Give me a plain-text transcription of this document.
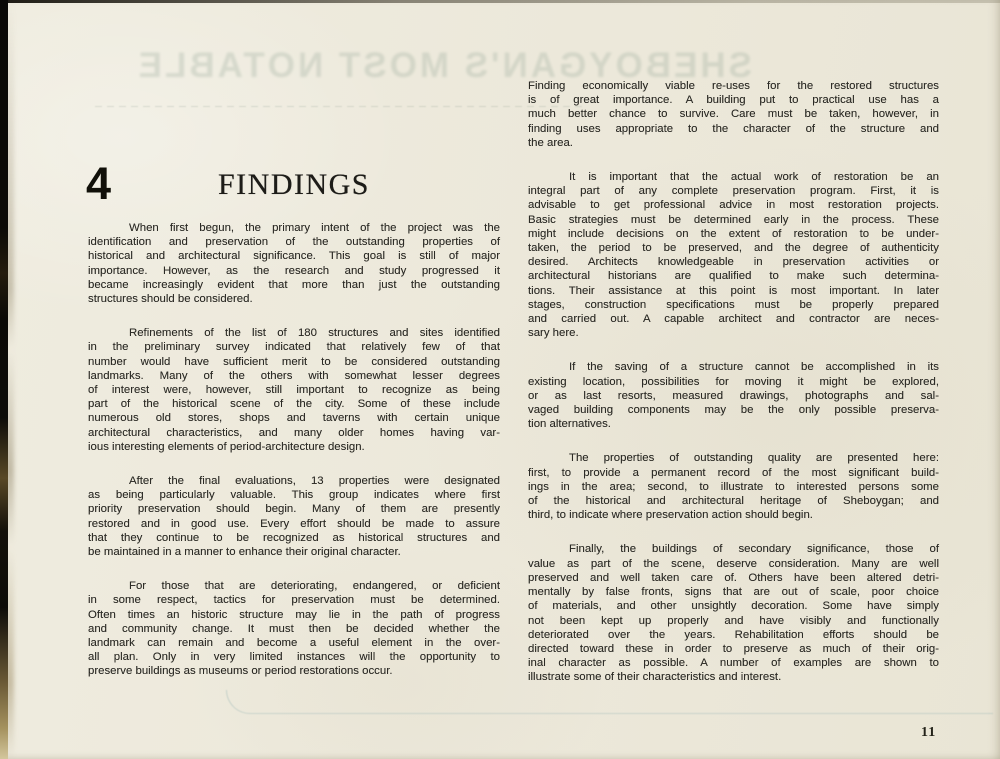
SHEBOYGAN'S MOST NOTABLE
4	FINDINGS
When first begun, the primary intent of the project was the
identification and preservation of the outstanding properties of
historical and architectural significance. This goal is still of major
importance. However, as the research and study progressed it
became increasingly evident that more than just the outstanding
structures should be considered.
Refinements of the list of 180 structures and sites identified
in the preliminary survey indicated that relatively few of that
number would have sufficient merit to be considered outstanding
landmarks. Many of the others with somewhat lesser degrees
of interest were, however, still important to recognize as being
part of the historical scene of the city. Some of these include
numerous old stores, shops and taverns with certain unique
architectural characteristics, and many older homes having var-
ious interesting elements of period-architecture design.
After the final evaluations, 13 properties were designated
as being particularly valuable. This group indicates where first
priority preservation should begin. Many of them are presently
restored and in good use. Every effort should be made to assure
that they continue to be recognized as historical structures and
be maintained in a manner to enhance their original character.
For those that are deteriorating, endangered, or deficient
in some respect, tactics for preservation must be determined.
Often times an historic structure may lie in the path of progress
and community change. It must then be decided whether the
landmark can remain and become a useful element in the over-
all plan. Only in very limited instances will the opportunity to
preserve buildings as museums or period restorations occur.
Finding economically viable re-uses for the restored structures
is of great importance. A building put to practical use has a
much better chance to survive. Care must be taken, however, in
finding uses appropriate to the character of the structure and
the area.
It is important that the actual work of restoration be an
integral part of any complete preservation program. First, it is
advisable to get professional advice in most restoration projects.
Basic strategies must be determined early in the process. These
might include decisions on the extent of restoration to be under-
taken, the period to be preserved, and the degree of authenticity
desired. Architects knowledgeable in preservation activities or
architectural historians are qualified to make such determina-
tions. Their assistance at this point is most important. In later
stages, construction specifications must be properly prepared
and carried out. A capable architect and contractor are neces-
sary here.
If the saving of a structure cannot be accomplished in its
existing location, possibilities for moving it might be explored,
or as last resorts, measured drawings, photographs and sal-
vaged building components may be the only possible preserva-
tion alternatives.
The properties of outstanding quality are presented here:
first, to provide a permanent record of the most significant build-
ings in the area; second, to illustrate to interested persons some
of the historical and architectural heritage of Sheboygan; and
third, to indicate where preservation action should begin.
Finally, the buildings of secondary significance, those of
value as part of the scene, deserve consideration. Many are well
preserved and well taken care of. Others have been altered detri-
mentally by false fronts, signs that are out of scale, poor choice
of materials, and other unsightly decoration. Some have simply
not been kept up properly and have visibly and functionally
deteriorated over the years. Rehabilitation efforts should be
directed toward these in order to preserve as much of their orig-
inal character as possible. A number of examples are shown to
illustrate some of their characteristics and interest.
11
